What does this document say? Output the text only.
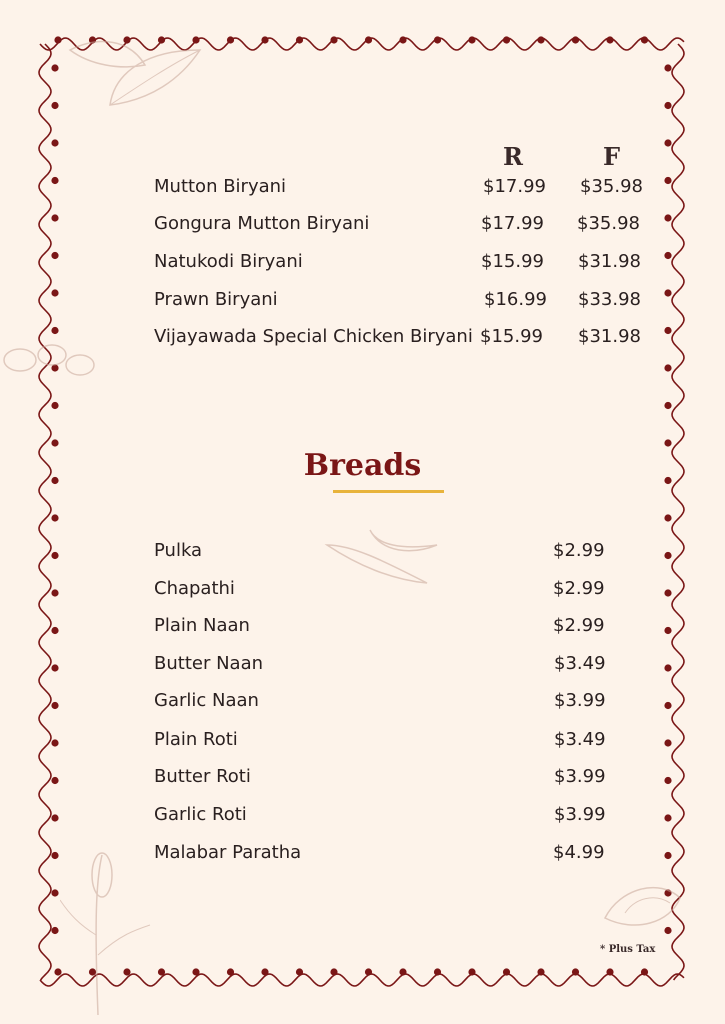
R	F
Mutton Biryani	$17.99 $35.98
Gongura Mutton Biryani	$17.99 $35.98
Natukodi Biryani	$15.99 $31.98
Prawn Biryani	$16.99 $33.98
Vijayawada Special Chicken Biryani $15.99 $31.98
Breads
Pulka	$2.99
Chapathi	$2.99
Plain Naan	$2.99
Butter Naan	$3.49
Garlic Naan	$3.99
Plain Roti	$3.49
Butter Roti	$3.99
Garlic Roti	$3.99
Malabar Paratha	$4.99
* Plus Tax
